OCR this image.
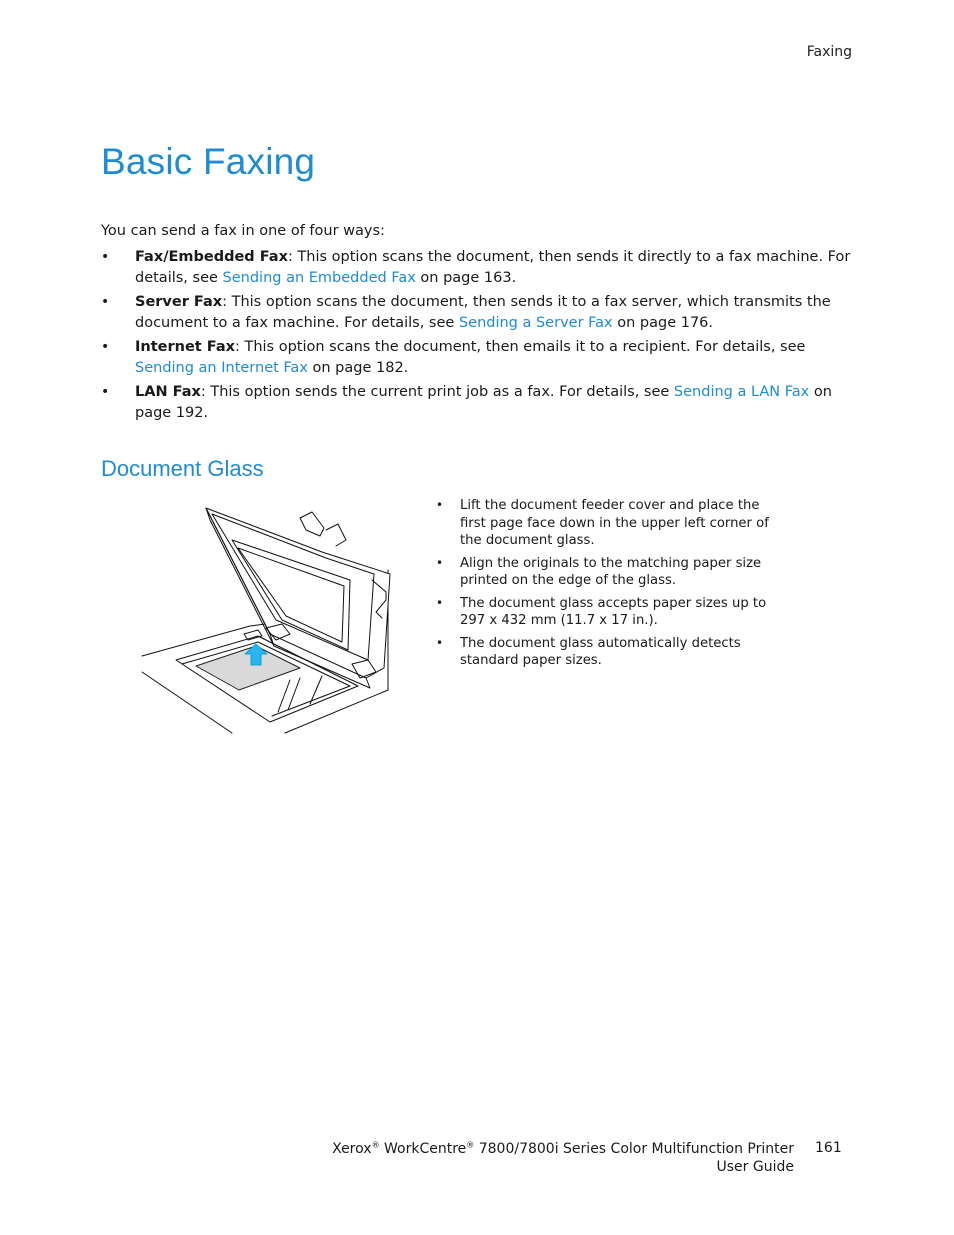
Faxing
Basic Faxing

You can send a fax in one of four ways:

• Fax/Embedded Fax: This option scans the document, then sends it directly to a fax machine. For details, see Sending an Embedded Fax on page 163.
• Server Fax: This option scans the document, then sends it to a fax server, which transmits the document to a fax machine. For details, see Sending a Server Fax on page 176.
• Internet Fax: This option scans the document, then emails it to a recipient. For details, see Sending an Internet Fax on page 182.
• LAN Fax: This option sends the current print job as a fax. For details, see Sending a LAN Fax on page 192.
Document Glass
• Lift the document feeder cover and place the first page face down in the upper left corner of the document glass.
• Align the originals to the matching paper size printed on the edge of the glass.
• The document glass accepts paper sizes up to 297 x 432 mm (11.7 x 17 in.).
• The document glass automatically detects standard paper sizes.
Xerox® WorkCentre® 7800/7800i Series Color Multifunction Printer
User Guide
161
